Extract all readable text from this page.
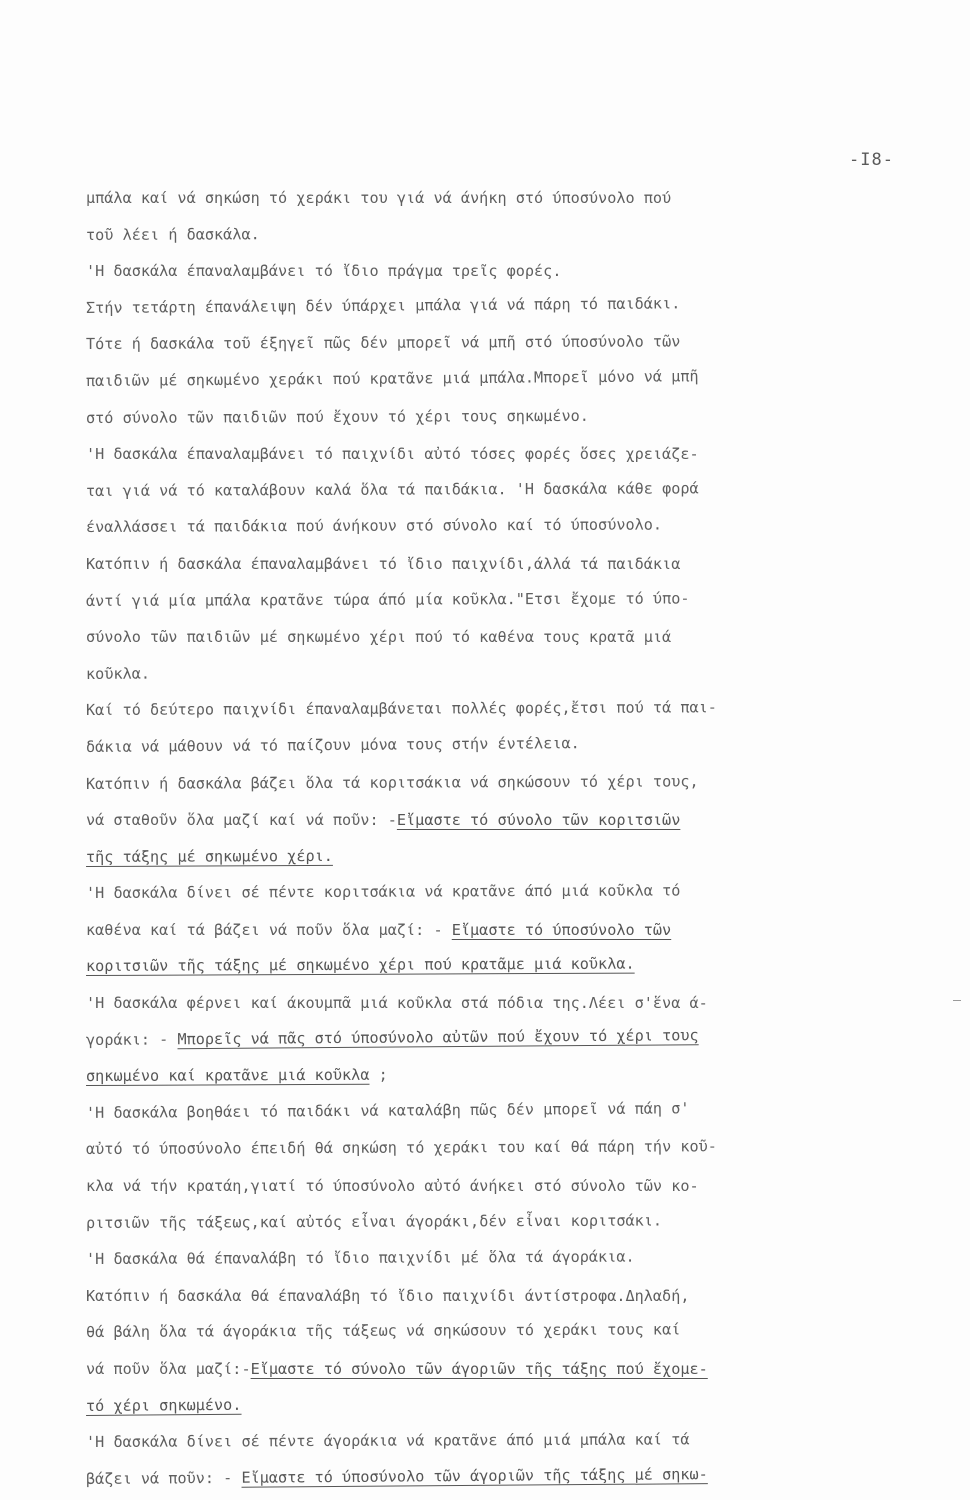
-I8-
μπάλα καί νά σηκώση τό χεράκι του γιά νά άνήκη στό ύποσύνολο πού
τοῦ λέει ή δασκάλα.
'Η δασκάλα έπαναλαμβάνει τό ἴδιο πράγμα τρεῖς φορές.
Στήν τετάρτη έπανάλειψη δέν ύπάρχει μπάλα γιά νά πάρη τό παιδάκι.
Τότε ή δασκάλα τοῦ έξηγεῖ πῶς δέν μπορεῖ νά μπῆ στό ύποσύνολο τῶν
παιδιῶν μέ σηκωμένο χεράκι πού κρατᾶνε μιά μπάλα.Μπορεῖ μόνο νά μπῆ
στό σύνολο τῶν παιδιῶν πού ἔχουν τό χέρι τους σηκωμένο.
'Η δασκάλα έπαναλαμβάνει τό παιχνίδι αὐτό τόσες φορές ὅσες χρειάζε-
ται γιά νά τό καταλάβουν καλά ὅλα τά παιδάκια. 'Η δασκάλα κάθε φορά
έναλλάσσει τά παιδάκια πού άνήκουν στό σύνολο καί τό ύποσύνολο.
Κατόπιν ή δασκάλα έπαναλαμβάνει τό ἴδιο παιχνίδι,άλλά τά παιδάκια
άντί γιά μία μπάλα κρατᾶνε τώρα άπό μία κοῦκλα."Ετσι ἔχομε τό ύπο-
σύνολο τῶν παιδιῶν μέ σηκωμένο χέρι πού τό καθένα τους κρατᾶ μιά
κοῦκλα.
Καί τό δεύτερο παιχνίδι έπαναλαμβάνεται πολλές φορές,ἔτσι πού τά παι-
δάκια νά μάθουν νά τό παίζουν μόνα τους στήν έντέλεια.
Κατόπιν ή δασκάλα βάζει ὅλα τά κοριτσάκια νά σηκώσουν τό χέρι τους,
νά σταθοῦν ὅλα μαζί καί νά ποῦν: -Εἴμαστε τό σύνολο τῶν κοριτσιῶν
τῆς τάξης μέ σηκωμένο χέρι.
'Η δασκάλα δίνει σέ πέντε κοριτσάκια νά κρατᾶνε άπό μιά κοῦκλα τό
καθένα καί τά βάζει νά ποῦν ὅλα μαζί: - Εἴμαστε τό ύποσύνολο τῶν
κοριτσιῶν τῆς τάξης μέ σηκωμένο χέρι πού κρατᾶμε μιά κοῦκλα.
'Η δασκάλα φέρνει καί άκουμπᾶ μιά κοῦκλα στά πόδια της.Λέει σ'ἕνα ά-
γοράκι: - Μπορεῖς νά πᾶς στό ύποσύνολο αὐτῶν πού ἔχουν τό χέρι τους
σηκωμένο καί κρατᾶνε μιά κοῦκλα ;
'Η δασκάλα βοηθάει τό παιδάκι νά καταλάβη πῶς δέν μπορεῖ νά πάη σ'
αὐτό τό ύποσύνολο έπειδή θά σηκώση τό χεράκι του καί θά πάρη τήν κοῦ-
κλα νά τήν κρατάη,γιατί τό ύποσύνολο αὐτό άνήκει στό σύνολο τῶν κο-
ριτσιῶν τῆς τάξεως,καί αὐτός εἶναι άγοράκι,δέν εἶναι κοριτσάκι.
'Η δασκάλα θά έπαναλάβη τό ἴδιο παιχνίδι μέ ὅλα τά άγοράκια.
Κατόπιν ή δασκάλα θά έπαναλάβη τό ἴδιο παιχνίδι άντίστροφα.Δηλαδή,
θά βάλη ὅλα τά άγοράκια τῆς τάξεως νά σηκώσουν τό χεράκι τους καί
νά ποῦν ὅλα μαζί:-Εἴμαστε τό σύνολο τῶν άγοριῶν τῆς τάξης πού ἔχομε-
τό χέρι σηκωμένο.
'Η δασκάλα δίνει σέ πέντε άγοράκια νά κρατᾶνε άπό μιά μπάλα καί τά
βάζει νά ποῦν: - Εἴμαστε τό ύποσύνολο τῶν άγοριῶν τῆς τάξης μέ σηκω-
